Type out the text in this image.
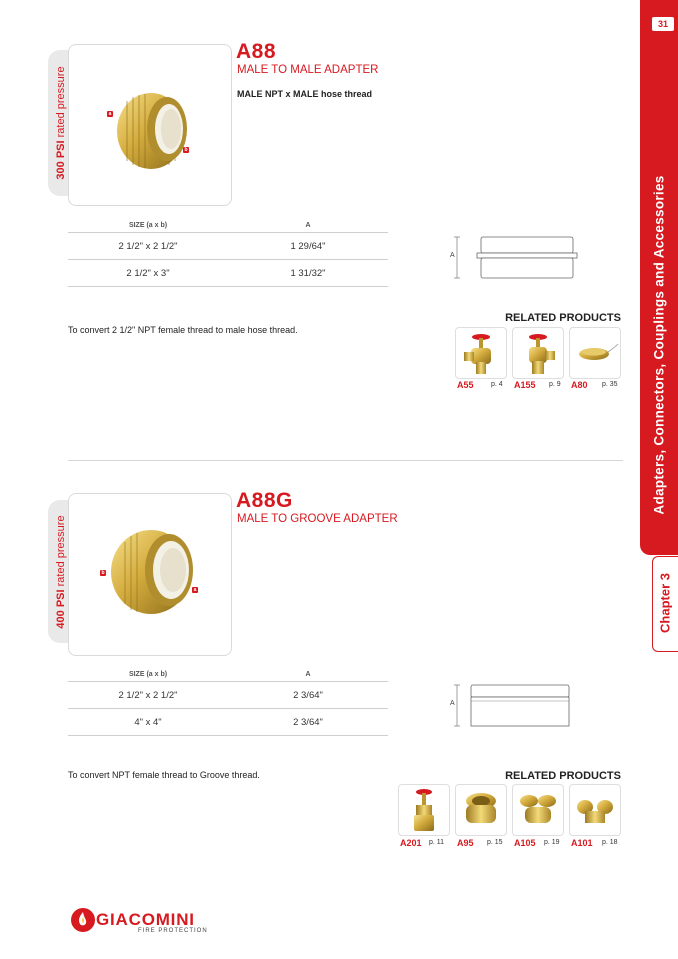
31
Adapters, Connectors, Couplings and Accessories
Chapter 3
300 PSI rated pressure	a
b
A88
MALE TO MALE ADAPTER
MALE NPT x MALE hose thread
SIZE (a x b)	A
2 1/2" x 2 1/2"	1 29/64"
2 1/2" x 3"	1 31/32"
A
To convert 2 1/2" NPT female thread to male hose thread.
RELATED PRODUCTS
A55 p. 4 A155 p. 9 A80 p. 35
400 PSI rated pressure	b
a
A88G
MALE TO GROOVE ADAPTER
SIZE (a x b)	A
2 1/2" x 2 1/2"	2 3/64"
4" x 4"	2 3/64"
A
To convert NPT female thread to Groove thread.	RELATED PRODUCTS
A201 p. 11 A95 p. 15 A105 p. 19 A101 p. 18
GIACOMINI
FIRE PROTECTION
